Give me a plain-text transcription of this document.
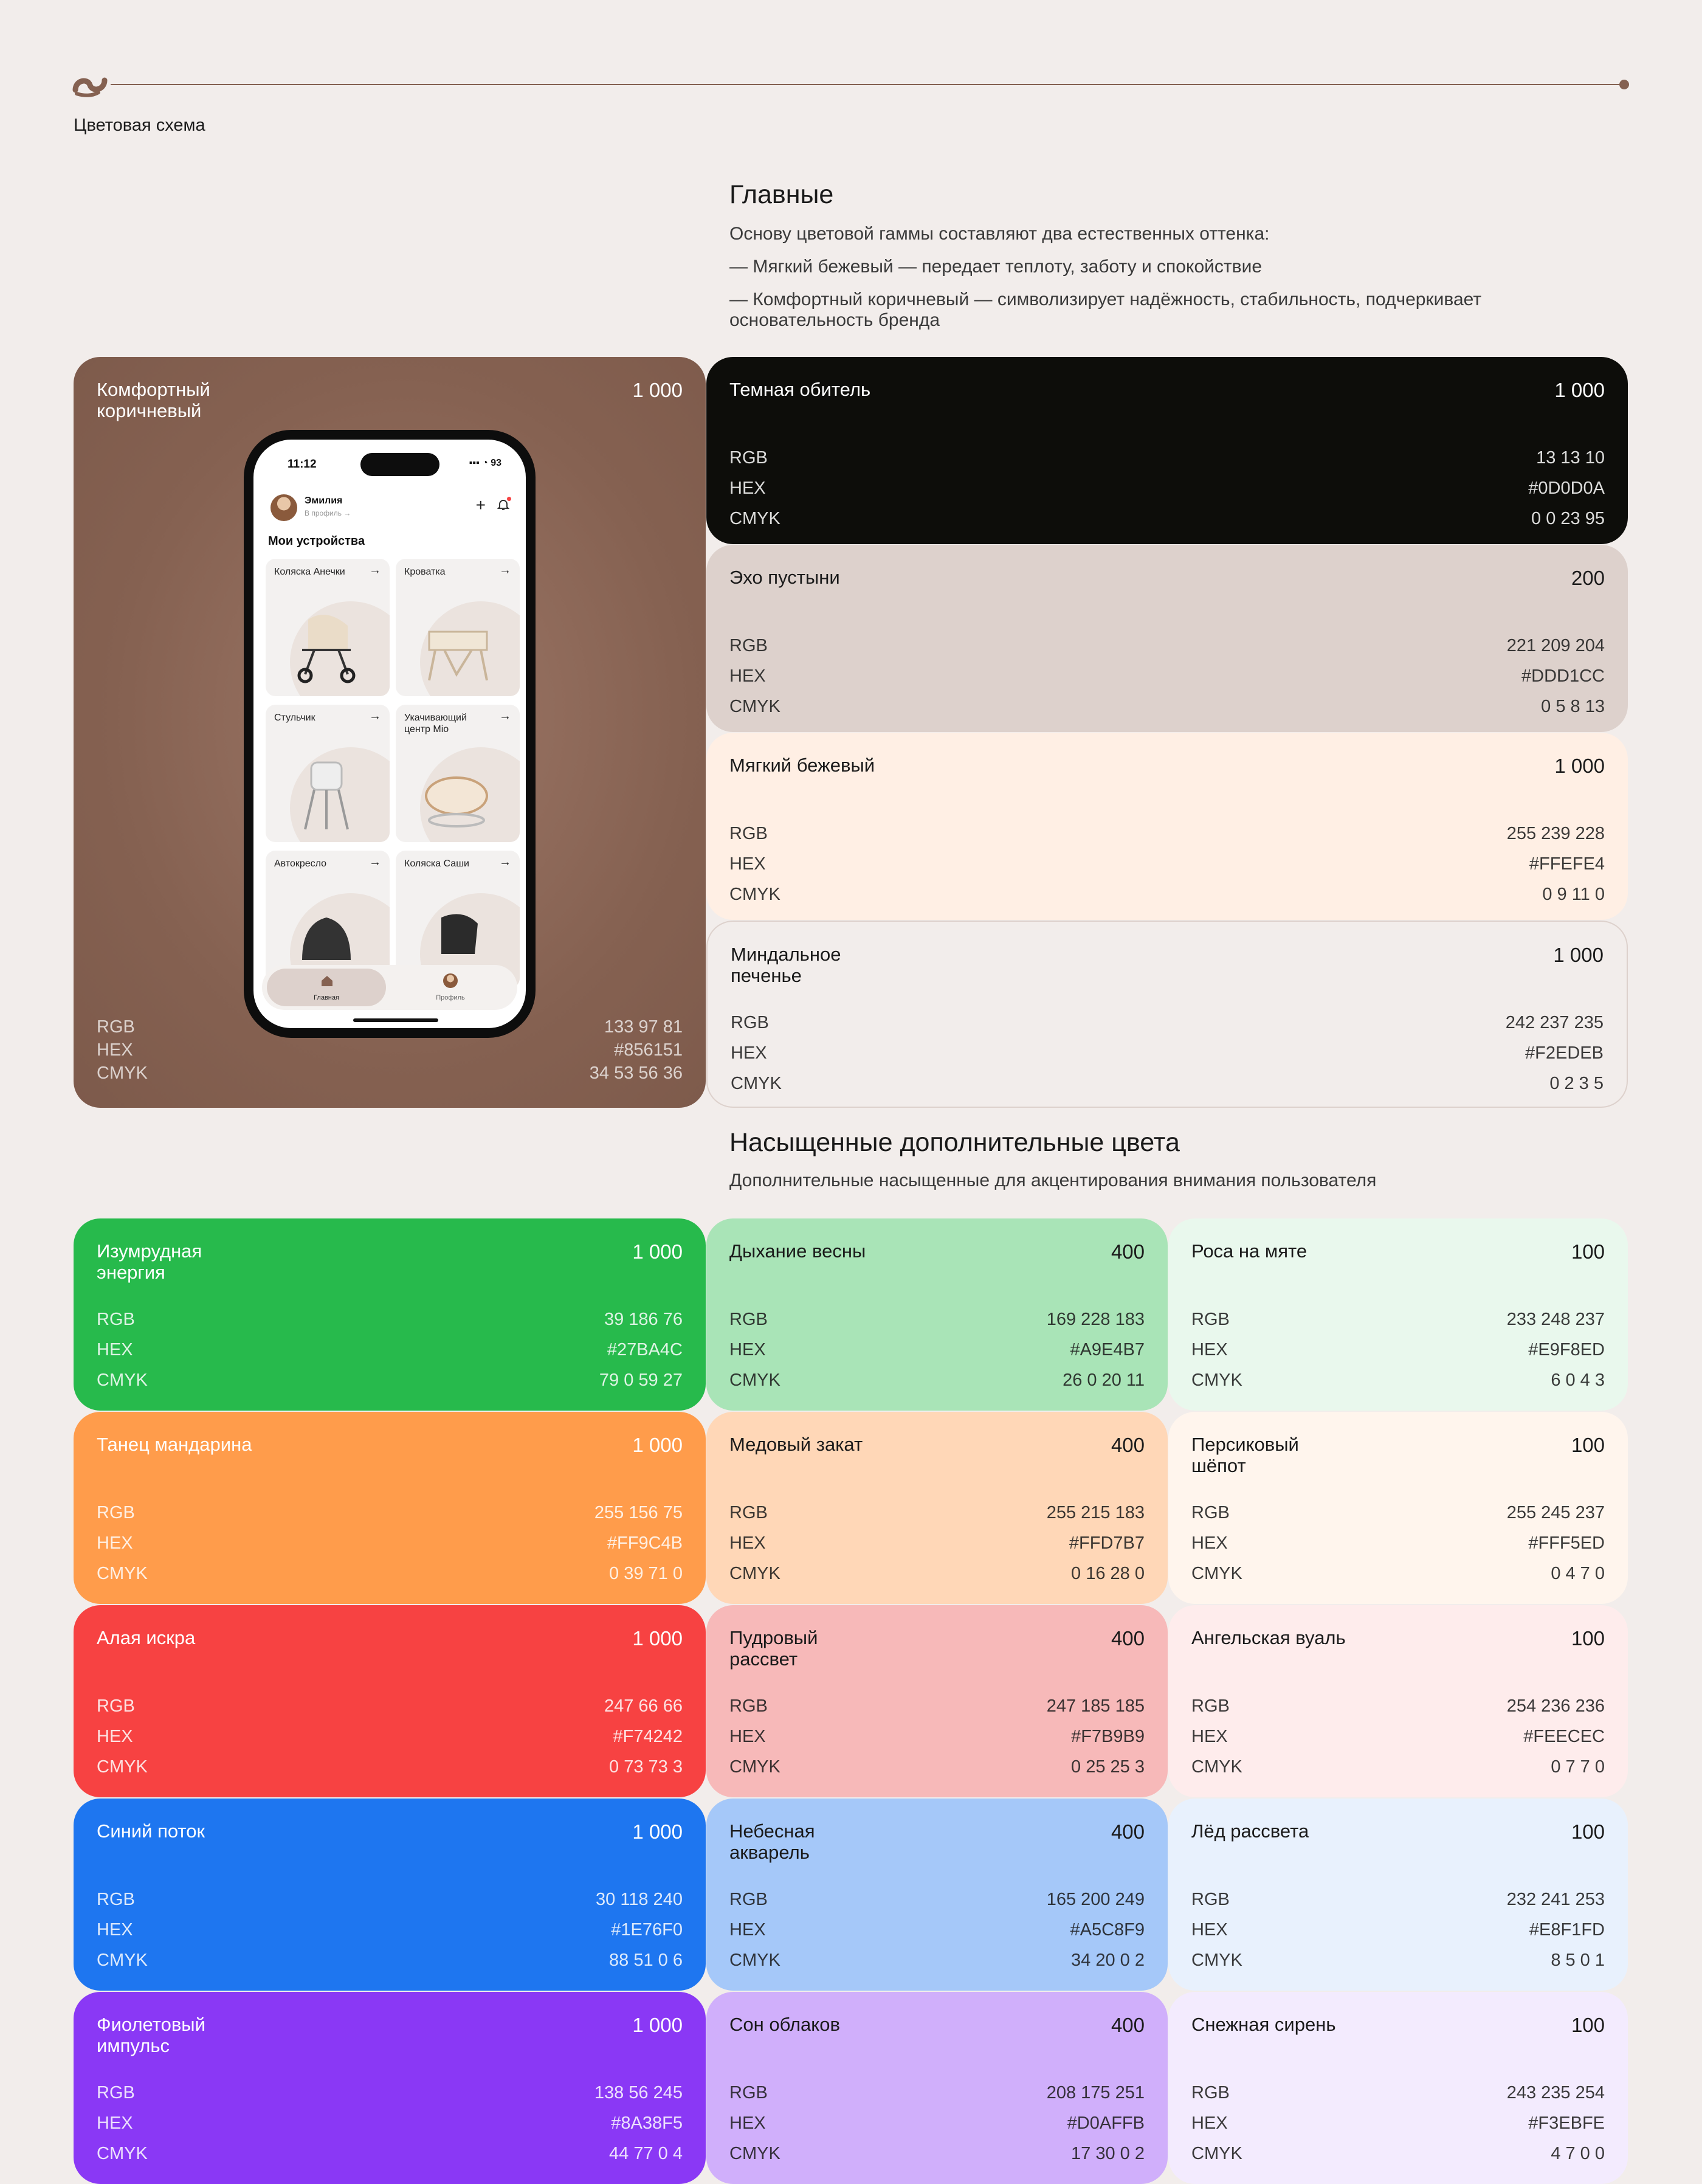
Цветовая схема
Главные
Основу цветовой гаммы составляют два естественных оттенка:
— Мягкий бежевый — передает теплоту, заботу и спокойствие
— Комфортный коричневый — символизирует надёжность, стабильность, подчеркивает основательность бренда
Комфортный коричневый
1 000
11:12	▪▪▪ ◔ 93
Эмилия
В профиль →	+
Мои устройства
Коляска Анечки	→ Кроватка	→
Стульчик	→ Укачивающий центр Mio
→
Автокресло	→ Коляска Саши	→
Главная	Профиль
RGB	133 97 81
HEX	#856151
CMYK	34 53 56 36
Темная обитель	1 000
RGB	13 13 10
HEX	#0D0D0A
CMYK	0 0 23 95
Эхо пустыни	200
RGB	221 209 204
HEX	#DDD1CC
CMYK	0 5 8 13
Мягкий бежевый	1 000
RGB	255 239 228
HEX	#FFEFE4
CMYK	0 9 11 0
Миндальное печенье
1 000
RGB	242 237 235
HEX	#F2EDEB
CMYK	0 2 3 5
Насыщенные дополнительные цвета
Дополнительные насыщенные для акцентирования внимания пользователя
Изумрудная энергия
1 000
RGB	39 186 76
HEX	#27BA4C
CMYK	79 0 59 27
Дыхание весны	400
RGB	169 228 183
HEX	#A9E4B7
CMYK	26 0 20 11
Роса на мяте	100
RGB	233 248 237
HEX	#E9F8ED
CMYK	6 0 4 3
Танец мандарина	1 000
RGB	255 156 75
HEX	#FF9C4B
CMYK	0 39 71 0
Медовый закат	400
RGB	255 215 183
HEX	#FFD7B7
CMYK	0 16 28 0
Персиковый шёпот
100
RGB	255 245 237
HEX	#FFF5ED
CMYK	0 4 7 0
Алая искра	1 000
RGB	247 66 66
HEX	#F74242
CMYK	0 73 73 3
Пудровый рассвет
400
RGB	247 185 185
HEX	#F7B9B9
CMYK	0 25 25 3
Ангельская вуаль	100
RGB	254 236 236
HEX	#FEECEC
CMYK	0 7 7 0
Синий поток	1 000
RGB	30 118 240
HEX	#1E76F0
CMYK	88 51 0 6
Небесная акварель
400
RGB	165 200 249
HEX	#A5C8F9
CMYK	34 20 0 2
Лёд рассвета	100
RGB	232 241 253
HEX	#E8F1FD
CMYK	8 5 0 1
Фиолетовый импульс
1 000
RGB	138 56 245
HEX	#8A38F5
CMYK	44 77 0 4
Сон облаков	400
RGB	208 175 251
HEX	#D0AFFB
CMYK	17 30 0 2
Снежная сирень	100
RGB	243 235 254
HEX	#F3EBFE
CMYK	4 7 0 0
